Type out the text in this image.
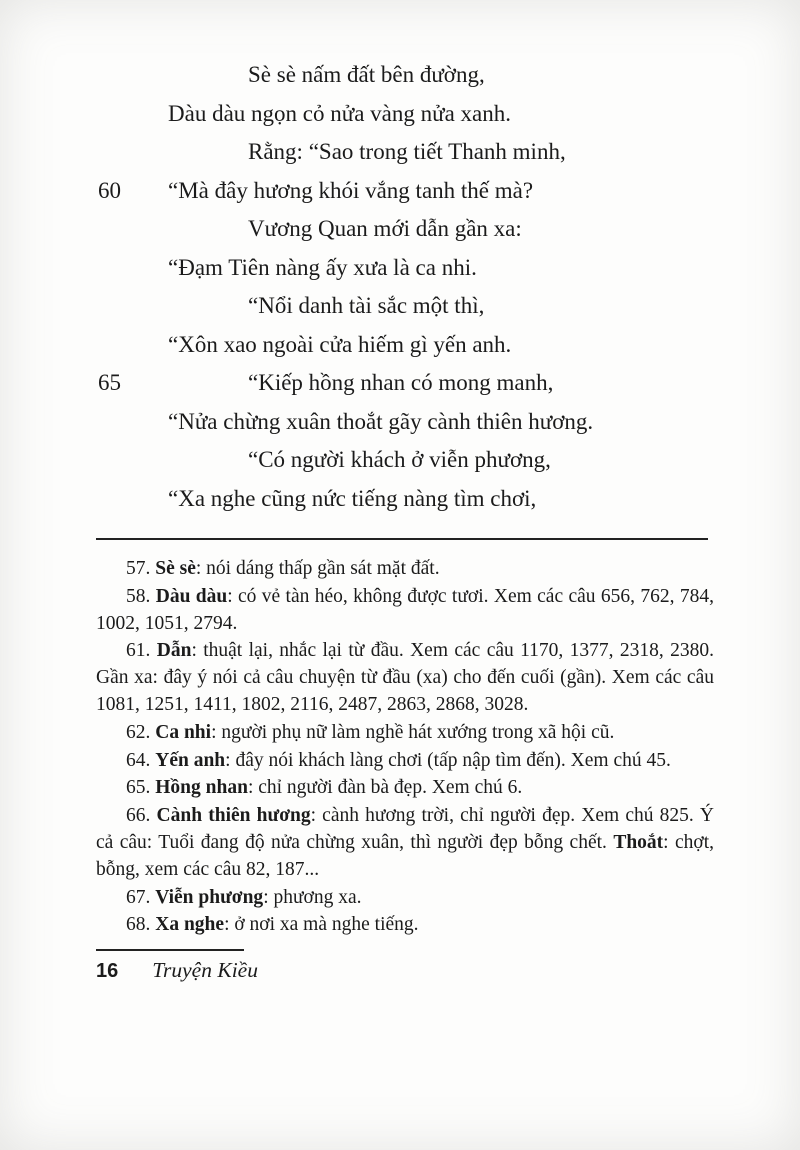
Sè sè nấm đất bên đường,
Dàu dàu ngọn cỏ nửa vàng nửa xanh.
Rằng: “Sao trong tiết Thanh minh,
60	“Mà đây hương khói vắng tanh thế mà?
Vương Quan mới dẫn gần xa:
“Đạm Tiên nàng ấy xưa là ca nhi.
“Nổi danh tài sắc một thì,
“Xôn xao ngoài cửa hiếm gì yến anh.
65	“Kiếp hồng nhan có mong manh,
“Nửa chừng xuân thoắt gãy cành thiên hương.
“Có người khách ở viễn phương,
“Xa nghe cũng nức tiếng nàng tìm chơi,

57. Sè sè: nói dáng thấp gần sát mặt đất.

58. Dàu dàu: có vẻ tàn héo, không được tươi. Xem các câu 656, 762, 784, 1002, 1051, 2794.

61. Dẫn: thuật lại, nhắc lại từ đầu. Xem các câu 1170, 1377, 2318, 2380. Gần xa: đây ý nói cả câu chuyện từ đầu (xa) cho đến cuối (gần). Xem các câu 1081, 1251, 1411, 1802, 2116, 2487, 2863, 2868, 3028.

62. Ca nhi: người phụ nữ làm nghề hát xướng trong xã hội cũ.

64. Yến anh: đây nói khách làng chơi (tấp nập tìm đến). Xem chú 45.

65. Hồng nhan: chỉ người đàn bà đẹp. Xem chú 6.

66. Cành thiên hương: cành hương trời, chỉ người đẹp. Xem chú 825. Ý cả câu: Tuổi đang độ nửa chừng xuân, thì người đẹp bỗng chết. Thoắt: chợt, bỗng, xem các câu 82, 187...

67. Viễn phương: phương xa.

68. Xa nghe: ở nơi xa mà nghe tiếng.

16 Truyện Kiều
